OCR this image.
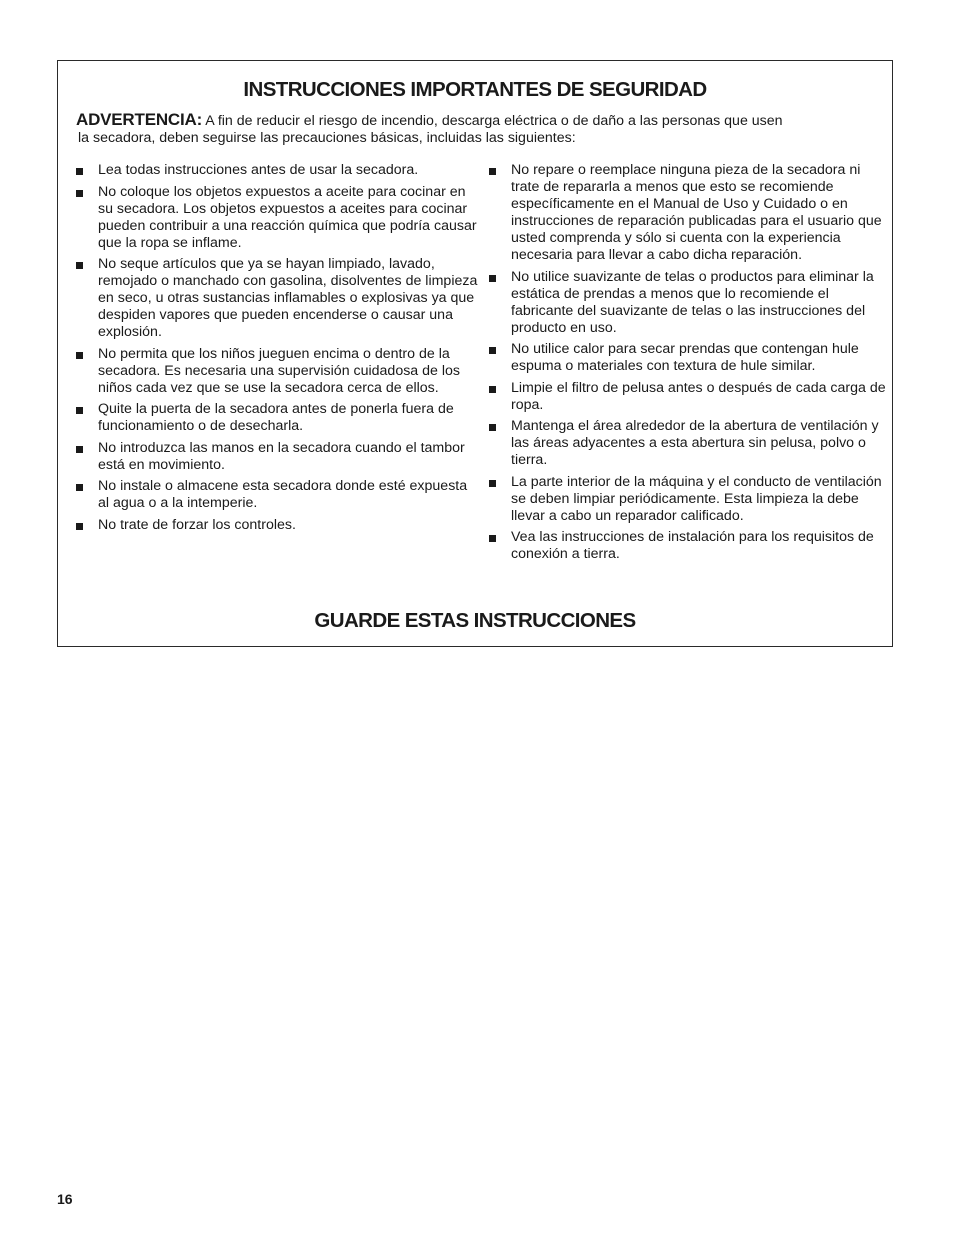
INSTRUCCIONES IMPORTANTES DE SEGURIDAD

ADVERTENCIA: A fin de reducir el riesgo de incendio, descarga eléctrica o de daño a las personas que usen
la secadora, deben seguirse las precauciones básicas, incluidas las siguientes:

Lea todas instrucciones antes de usar la secadora.
No coloque los objetos expuestos a aceite para cocinar en su secadora. Los objetos expuestos a aceites para cocinar pueden contribuir a una reacción química que podría causar que la ropa se inflame.
No seque artículos que ya se hayan limpiado, lavado, remojado o manchado con gasolina, disolventes de limpieza en seco, u otras sustancias inflamables o explosivas ya que despiden vapores que pueden encenderse o causar una explosión.
No permita que los niños jueguen encima o dentro de la secadora. Es necesaria una supervisión cuidadosa de los niños cada vez que se use la secadora cerca de ellos.
Quite la puerta de la secadora antes de ponerla fuera de funcionamiento o de desecharla.
No introduzca las manos en la secadora cuando el tambor está en movimiento.
No instale o almacene esta secadora donde esté expuesta al agua o a la intemperie.
No trate de forzar los controles.
No repare o reemplace ninguna pieza de la secadora ni trate de repararla a menos que esto se recomiende específicamente en el Manual de Uso y Cuidado o en instrucciones de reparación publicadas para el usuario que usted comprenda y sólo si cuenta con la experiencia necesaria para llevar a cabo dicha reparación.
No utilice suavizante de telas o productos para eliminar la estática de prendas a menos que lo recomiende el fabricante del suavizante de telas o las instrucciones del producto en uso.
No utilice calor para secar prendas que contengan hule espuma o materiales con textura de hule similar.
Limpie el filtro de pelusa antes o después de cada carga de ropa.
Mantenga el área alrededor de la abertura de ventilación y las áreas adyacentes a esta abertura sin pelusa, polvo o tierra.
La parte interior de la máquina y el conducto de ventilación se deben limpiar periódicamente. Esta limpieza la debe llevar a cabo un reparador calificado.
Vea las instrucciones de instalación para los requisitos de conexión a tierra.
GUARDE ESTAS INSTRUCCIONES
16
